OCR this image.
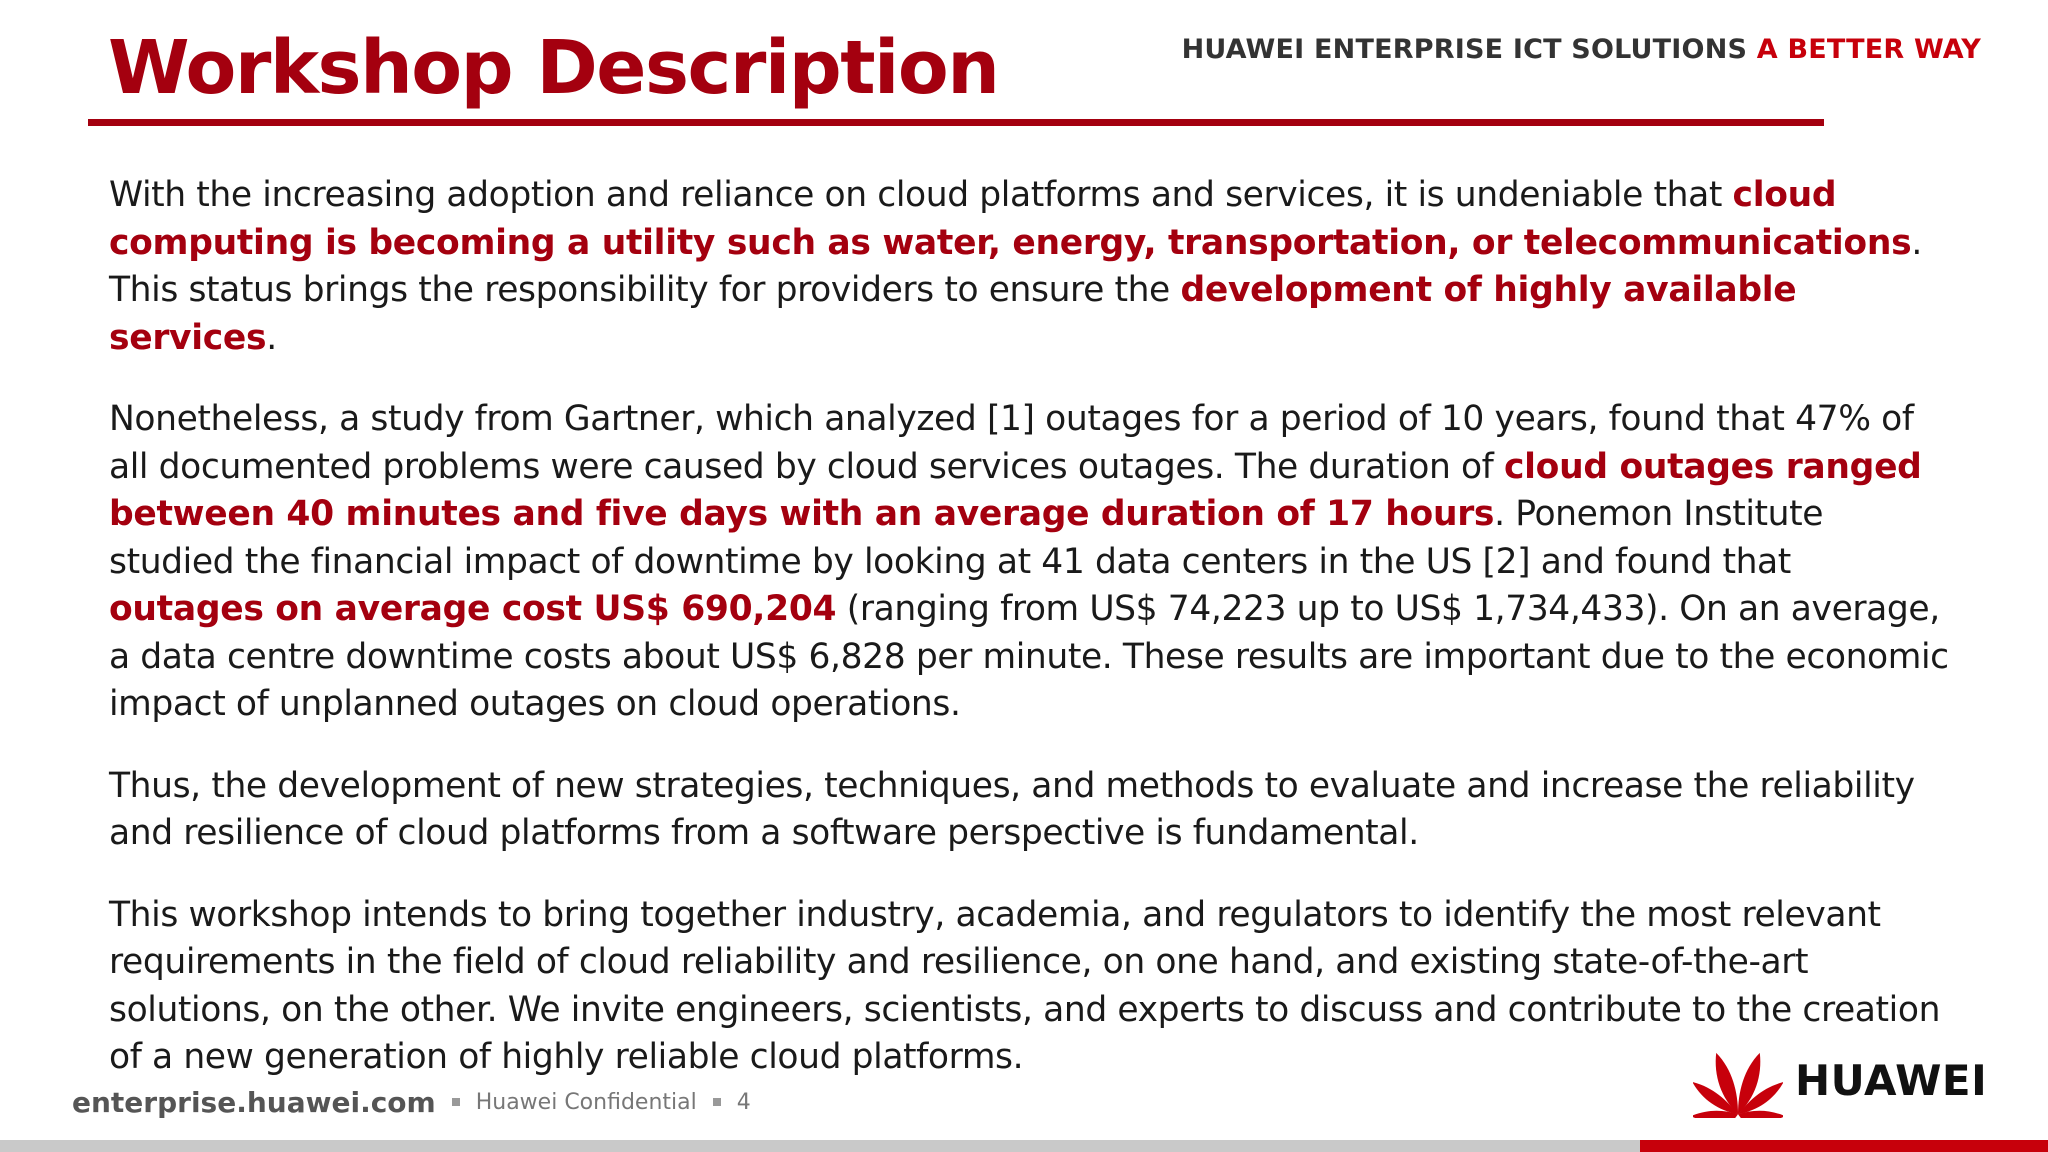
Workshop Description	HUAWEI ENTERPRISE ICT SOLUTIONS A BETTER WAY

With the increasing adoption and reliance on cloud platforms and services, it is undeniable that cloud computing is becoming a utility such as water, energy, transportation, or telecommunications. This status brings the responsibility for providers to ensure the development of highly available services.

Nonetheless, a study from Gartner, which analyzed [1] outages for a period of 10 years, found that 47% of all documented problems were caused by cloud services outages. The duration of cloud outages ranged between 40 minutes and five days with an average duration of 17 hours. Ponemon Institute studied the financial impact of downtime by looking at 41 data centers in the US [2] and found that outages on average cost US$ 690,204 (ranging from US$ 74,223 up to US$ 1,734,433). On an average, a data centre downtime costs about US$ 6,828 per minute. These results are important due to the economic impact of unplanned outages on cloud operations.

Thus, the development of new strategies, techniques, and methods to evaluate and increase the reliability and resilience of cloud platforms from a software perspective is fundamental.

This workshop intends to bring together industry, academia, and regulators to identify the most relevant requirements in the field of cloud reliability and resilience, on one hand, and existing state-of-the-art solutions, on the other. We invite engineers, scientists, and experts to discuss and contribute to the creation of a new generation of highly reliable cloud platforms.

enterprise.huawei.com Huawei Confidential 4	HUAWEI
